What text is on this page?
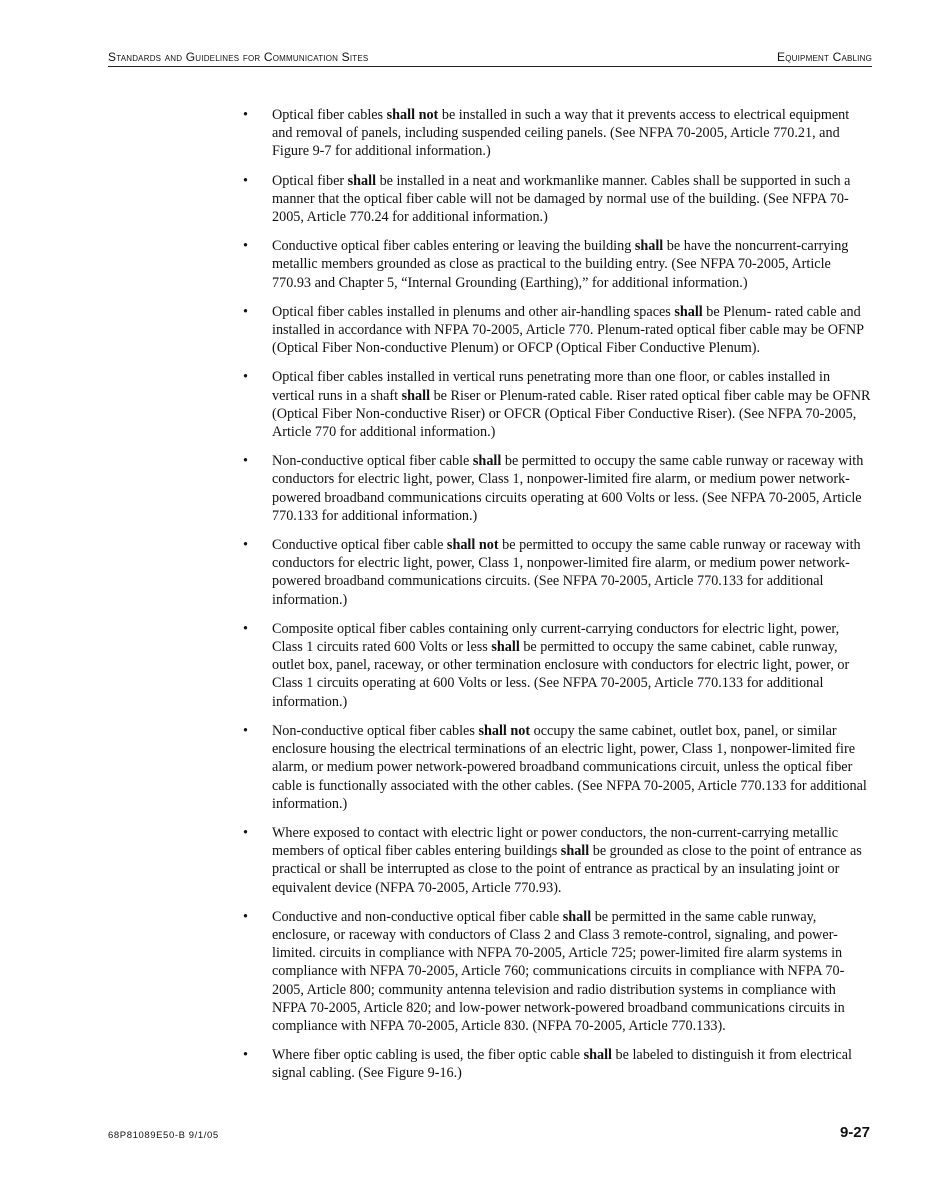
Standards and Guidelines for Communication Sites	Equipment Cabling
• Optical fiber cables shall not be installed in such a way that it prevents access to electrical equipment and removal of panels, including suspended ceiling panels. (See NFPA 70-2005, Article 770.21, and Figure 9-7 for additional information.)
• Optical fiber shall be installed in a neat and workmanlike manner. Cables shall be supported in such a manner that the optical fiber cable will not be damaged by normal use of the building. (See NFPA 70-2005, Article 770.24 for additional information.)
• Conductive optical fiber cables entering or leaving the building shall be have the noncurrent-carrying metallic members grounded as close as practical to the building entry. (See NFPA 70-2005, Article 770.93 and Chapter 5, “Internal Grounding (Earthing),” for additional information.)
• Optical fiber cables installed in plenums and other air-handling spaces shall be Plenum- rated cable and installed in accordance with NFPA 70-2005, Article 770. Plenum-rated optical fiber cable may be OFNP (Optical Fiber Non-conductive Plenum) or OFCP (Optical Fiber Conductive Plenum).
• Optical fiber cables installed in vertical runs penetrating more than one floor, or cables installed in vertical runs in a shaft shall be Riser or Plenum-rated cable. Riser rated optical fiber cable may be OFNR (Optical Fiber Non-conductive Riser) or OFCR (Optical Fiber Conductive Riser). (See NFPA 70-2005, Article 770 for additional information.)
• Non-conductive optical fiber cable shall be permitted to occupy the same cable runway or raceway with conductors for electric light, power, Class 1, nonpower-limited fire alarm, or medium power network-powered broadband communications circuits operating at 600 Volts or less. (See NFPA 70-2005, Article 770.133 for additional information.)
• Conductive optical fiber cable shall not be permitted to occupy the same cable runway or raceway with conductors for electric light, power, Class 1, nonpower-limited fire alarm, or medium power network-powered broadband communications circuits. (See NFPA 70-2005, Article 770.133 for additional information.)
• Composite optical fiber cables containing only current-carrying conductors for electric light, power, Class 1 circuits rated 600 Volts or less shall be permitted to occupy the same cabinet, cable runway, outlet box, panel, raceway, or other termination enclosure with conductors for electric light, power, or Class 1 circuits operating at 600 Volts or less. (See NFPA 70-2005, Article 770.133 for additional information.)
• Non-conductive optical fiber cables shall not occupy the same cabinet, outlet box, panel, or similar enclosure housing the electrical terminations of an electric light, power, Class 1, nonpower-limited fire alarm, or medium power network-powered broadband communications circuit, unless the optical fiber cable is functionally associated with the other cables. (See NFPA 70-2005, Article 770.133 for additional information.)
• Where exposed to contact with electric light or power conductors, the non-current-carrying metallic members of optical fiber cables entering buildings shall be grounded as close to the point of entrance as practical or shall be interrupted as close to the point of entrance as practical by an insulating joint or equivalent device (NFPA 70-2005, Article 770.93).
• Conductive and non-conductive optical fiber cable shall be permitted in the same cable runway, enclosure, or raceway with conductors of Class 2 and Class 3 remote-control, signaling, and power-limited. circuits in compliance with NFPA 70-2005, Article 725; power-limited fire alarm systems in compliance with NFPA 70-2005, Article 760; communications circuits in compliance with NFPA 70-2005, Article 800; community antenna television and radio distribution systems in compliance with NFPA 70-2005, Article 820; and low-power network-powered broadband communications circuits in compliance with NFPA 70-2005, Article 830. (NFPA 70-2005, Article 770.133).
• Where fiber optic cabling is used, the fiber optic cable shall be labeled to distinguish it from electrical signal cabling. (See Figure 9-16.)
68P81089E50-B 9/1/05	9-27
